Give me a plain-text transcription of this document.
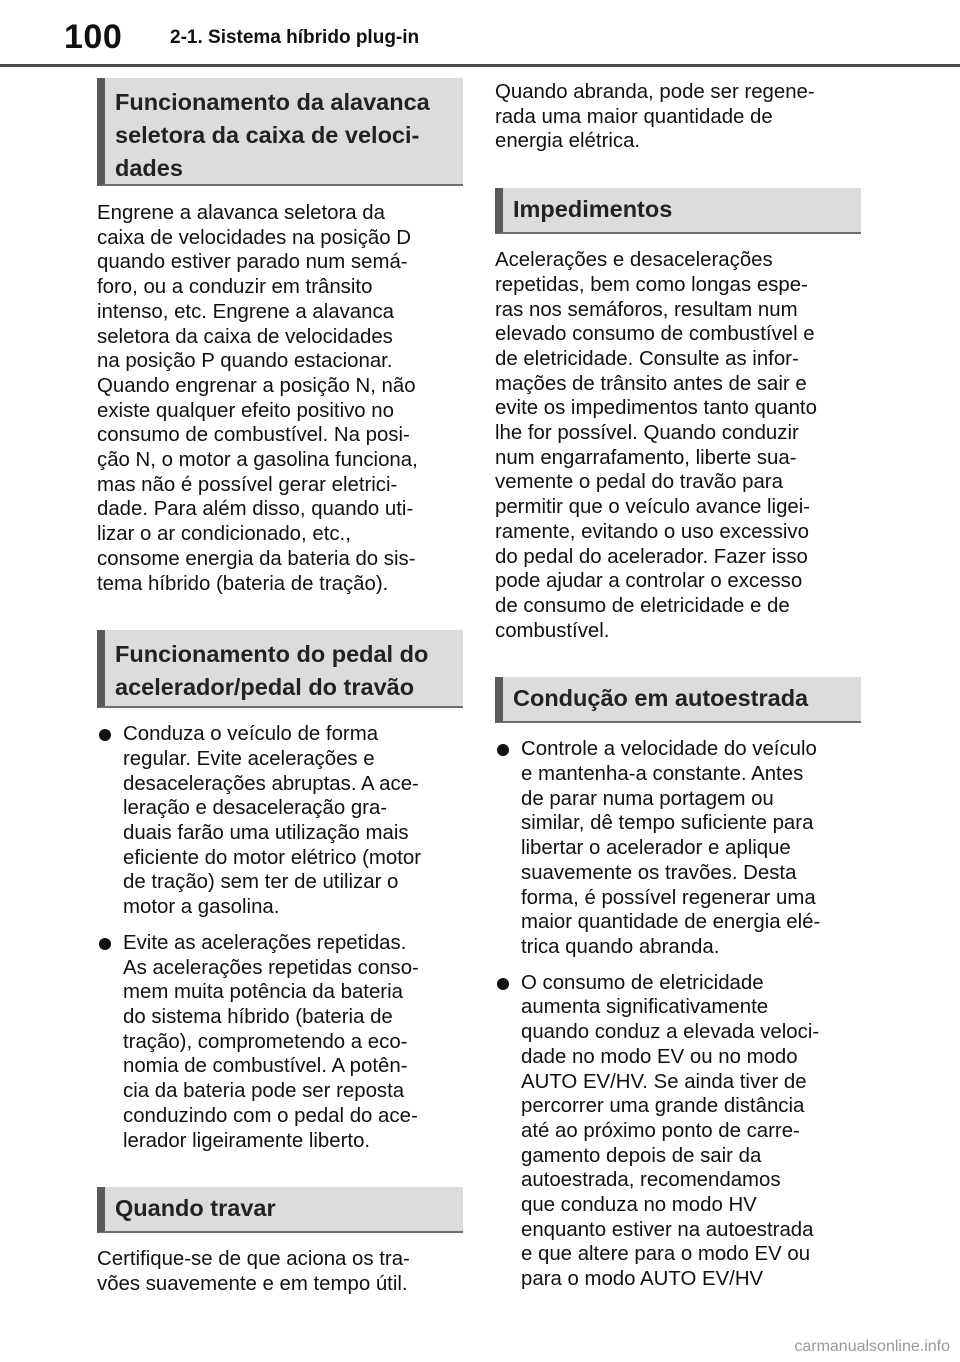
100	2-1. Sistema híbrido plug-in
Funcionamento da alavanca
seletora da caixa de veloci-
dades

Engrene a alavanca seletora da
caixa de velocidades na posição D
quando estiver parado num semá-
foro, ou a conduzir em trânsito
intenso, etc. Engrene a alavanca
seletora da caixa de velocidades
na posição P quando estacionar.
Quando engrenar a posição N, não
existe qualquer efeito positivo no
consumo de combustível. Na posi-
ção N, o motor a gasolina funciona,
mas não é possível gerar eletrici-
dade. Para além disso, quando uti-
lizar o ar condicionado, etc.,
consome energia da bateria do sis-
tema híbrido (bateria de tração).

Funcionamento do pedal do
acelerador/pedal do travão

Conduza o veículo de forma
regular. Evite acelerações e
desacelerações abruptas. A ace-
leração e desaceleração gra-
duais farão uma utilização mais
eficiente do motor elétrico (motor
de tração) sem ter de utilizar o
motor a gasolina.

Evite as acelerações repetidas.
As acelerações repetidas conso-
mem muita potência da bateria
do sistema híbrido (bateria de
tração), comprometendo a eco-
nomia de combustível. A potên-
cia da bateria pode ser reposta
conduzindo com o pedal do ace-
lerador ligeiramente liberto.

Quando travar

Certifique-se de que aciona os tra-
vões suavemente e em tempo útil.

Quando abranda, pode ser regene-
rada uma maior quantidade de
energia elétrica.

Impedimentos

Acelerações e desacelerações
repetidas, bem como longas espe-
ras nos semáforos, resultam num
elevado consumo de combustível e
de eletricidade. Consulte as infor-
mações de trânsito antes de sair e
evite os impedimentos tanto quanto
lhe for possível. Quando conduzir
num engarrafamento, liberte sua-
vemente o pedal do travão para
permitir que o veículo avance ligei-
ramente, evitando o uso excessivo
do pedal do acelerador. Fazer isso
pode ajudar a controlar o excesso
de consumo de eletricidade e de
combustível.

Condução em autoestrada

Controle a velocidade do veículo
e mantenha-a constante. Antes
de parar numa portagem ou
similar, dê tempo suficiente para
libertar o acelerador e aplique
suavemente os travões. Desta
forma, é possível regenerar uma
maior quantidade de energia elé-
trica quando abranda.

O consumo de eletricidade
aumenta significativamente
quando conduz a elevada veloci-
dade no modo EV ou no modo
AUTO EV/HV. Se ainda tiver de
percorrer uma grande distância
até ao próximo ponto de carre-
gamento depois de sair da
autoestrada, recomendamos
que conduza no modo HV
enquanto estiver na autoestrada
e que altere para o modo EV ou
para o modo AUTO EV/HV

carmanualsonline.info
